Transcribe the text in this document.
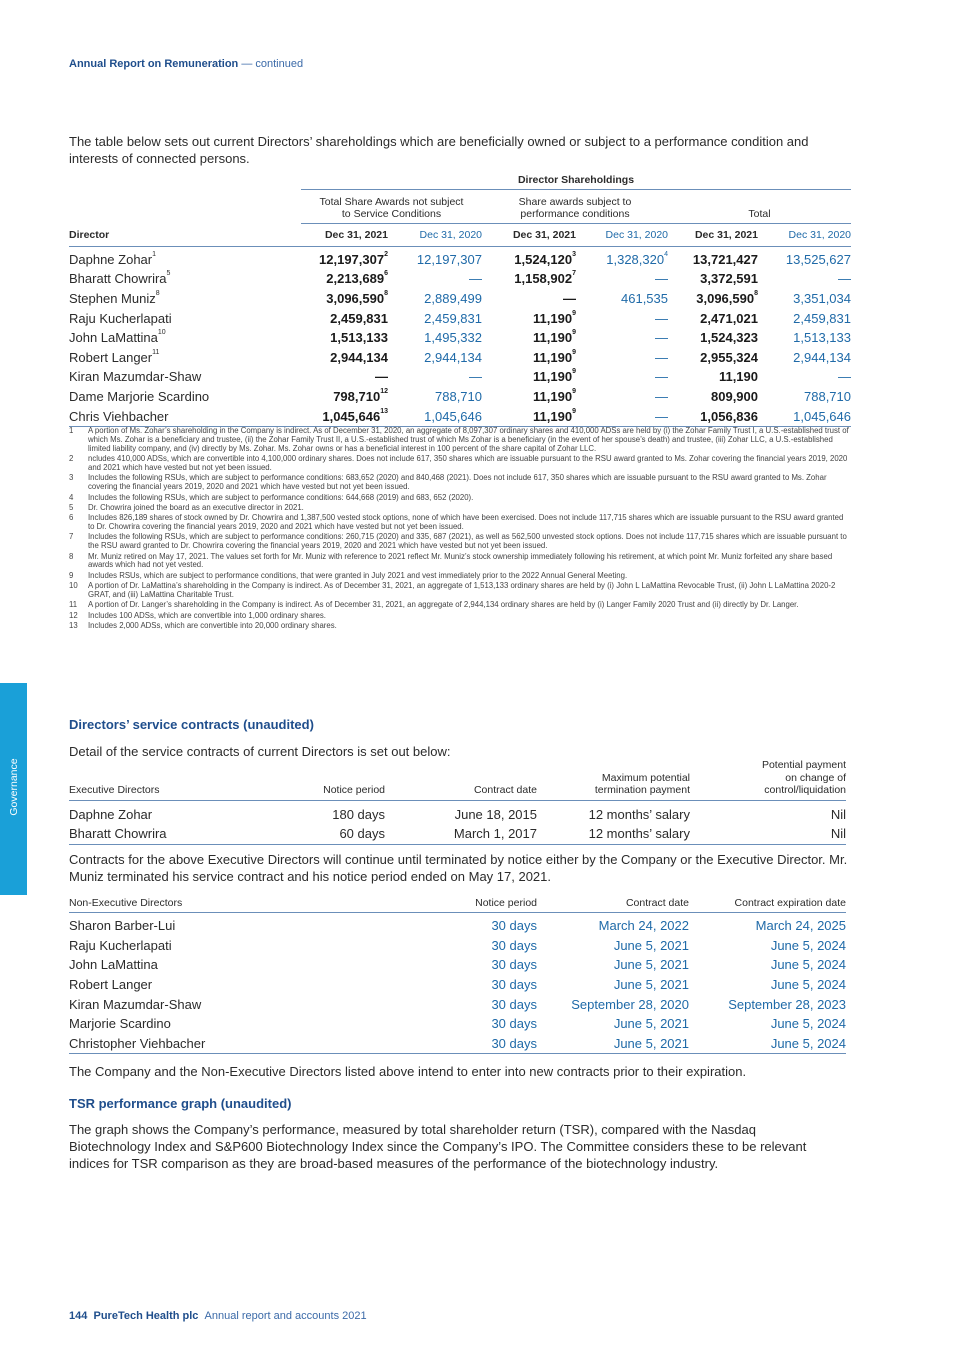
Annual Report on Remuneration — continued
Governance
The table below sets out current Directors’ shareholdings which are beneficially owned or subject to a performance condition and interests of connected persons.
	Director Shareholdings					
	Total Share Awards not subject to Service Conditions		Share awards subject to performance conditions		Total	
Director	Dec 31, 2021	Dec 31, 2020	Dec 31, 2021	Dec 31, 2020	Dec 31, 2021	Dec 31, 2020
Daphne Zohar$^1$	12,197,307$^2$	12,197,307	1,524,120$^3$	1,328,320$^4$	13,721,427	13,525,627
Bharatt Chowrira$^5$	2,213,689$^6$	—	1,158,902$^7$	—	3,372,591	—
Stephen Muniz$^8$	3,096,590$^8$	2,889,499	—	461,535	3,096,590$^8$	3,351,034
Raju Kucherlapati	2,459,831	2,459,831	11,190$^9$	—	2,471,021	2,459,831
John LaMattina$^{10}$	1,513,133	1,495,332	11,190$^9$	—	1,524,323	1,513,133
Robert Langer$^{11}$	2,944,134	2,944,134	11,190$^9$	—	2,955,324	2,944,134
Kiran Mazumdar-Shaw	—	—	11,190$^9$	—	11,190	—
Dame Marjorie Scardino	798,710$^{12}$	788,710	11,190$^9$	—	809,900	788,710
Chris Viehbacher	1,045,646$^{13}$	1,045,646	11,190$^9$	—	1,056,836	1,045,646
1	A portion of Ms. Zohar’s shareholding in the Company is indirect. As of December 31, 2020, an aggregate of 8,097,307 ordinary shares and 410,000 ADSs are held by (i) the Zohar Family Trust I, a U.S.-established trust of which Ms. Zohar is a beneficiary and trustee, (ii) the Zohar Family Trust II, a U.S.-established trust of which Ms Zohar is a beneficiary (in the event of her spouse’s death) and trustee, (iii) Zohar LLC, a U.S.-established limited liability company, and (iv) directly by Ms. Zohar. Ms. Zohar owns or has a beneficial interest in 100 percent of the share capital of Zohar LLC.
2	ncludes 410,000 ADSs, which are convertible into 4,100,000 ordinary shares. Does not include 617, 350 shares which are issuable pursuant to the RSU award granted to Ms. Zohar covering the financial years 2019, 2020 and 2021 which have vested but not yet been issued.
3	Includes the following RSUs, which are subject to performance conditions: 683,652 (2020) and 840,468 (2021). Does not include 617, 350 shares which are issuable pursuant to the RSU award granted to Ms. Zohar covering the financial years 2019, 2020 and 2021 which have vested but not yet been issued.
4	Includes the following RSUs, which are subject to performance conditions: 644,668 (2019) and 683, 652 (2020).
5	Dr. Chowrira joined the board as an executive director in 2021.
6	Includes 826,189 shares of stock owned by Dr. Chowrira and 1,387,500 vested stock options, none of which have been exercised. Does not include 117,715 shares which are issuable pursuant to the RSU award granted to Dr. Chowrira covering the financial years 2019, 2020 and 2021 which have vested but not yet been issued.
7	Includes the following RSUs, which are subject to performance conditions: 260,715 (2020) and 335, 687 (2021), as well as 562,500 unvested stock options. Does not include 117,715 shares which are issuable pursuant to the RSU award granted to Dr. Chowrira covering the financial years 2019, 2020 and 2021 which have vested but not yet been issued.
8	Mr. Muniz retired on May 17, 2021. The values set forth for Mr. Muniz with reference to 2021 reflect Mr. Muniz’s stock ownership immediately following his retirement, at which point Mr. Muniz forfeited any share based awards which had not yet vested.
9	Includes RSUs, which are subject to performance conditions, that were granted in July 2021 and vest immediately prior to the 2022 Annual General Meeting.
10	A portion of Dr. LaMattina’s shareholding in the Company is indirect. As of December 31, 2021, an aggregate of 1,513,133 ordinary shares are held by (i) John L LaMattina Revocable Trust, (ii) John L LaMattina 2020-2 GRAT, and (iii) LaMattina Charitable Trust.
11	A portion of Dr. Langer’s shareholding in the Company is indirect. As of December 31, 2021, an aggregate of 2,944,134 ordinary shares are held by (i) Langer Family 2020 Trust and (ii) directly by Dr. Langer.
12	Includes 100 ADSs, which are convertible into 1,000 ordinary shares.
13	Includes 2,000 ADSs, which are convertible into 20,000 ordinary shares.
Directors’ service contracts (unaudited)
Detail of the service contracts of current Directors is set out below:
Executive Directors	Notice period	Contract date	Maximum potential termination payment	Potential payment on change of control/liquidation
Daphne Zohar	180 days	June 18, 2015	12 months’ salary	Nil
Bharatt Chowrira	60 days	March 1, 2017	12 months’ salary	Nil
Contracts for the above Executive Directors will continue until terminated by notice either by the Company or the Executive Director. Mr. Muniz terminated his service contract and his notice period ended on May 17, 2021.
Non-Executive Directors	Notice period	Contract date	Contract expiration date
Sharon Barber-Lui	30 days	March 24, 2022	March 24, 2025
Raju Kucherlapati	30 days	June 5, 2021	June 5, 2024
John LaMattina	30 days	June 5, 2021	June 5, 2024
Robert Langer	30 days	June 5, 2021	June 5, 2024
Kiran Mazumdar-Shaw	30 days	September 28, 2020	September 28, 2023
Marjorie Scardino	30 days	June 5, 2021	June 5, 2024
Christopher Viehbacher	30 days	June 5, 2021	June 5, 2024
The Company and the Non-Executive Directors listed above intend to enter into new contracts prior to their expiration.
TSR performance graph (unaudited)
The graph shows the Company’s performance, measured by total shareholder return (TSR), compared with the Nasdaq Biotechnology Index and S&P600 Biotechnology Index since the Company’s IPO. The Committee considers these to be relevant indices for TSR comparison as they are broad-based measures of the performance of the biotechnology industry.
144 PureTech Health plc Annual report and accounts 2021
